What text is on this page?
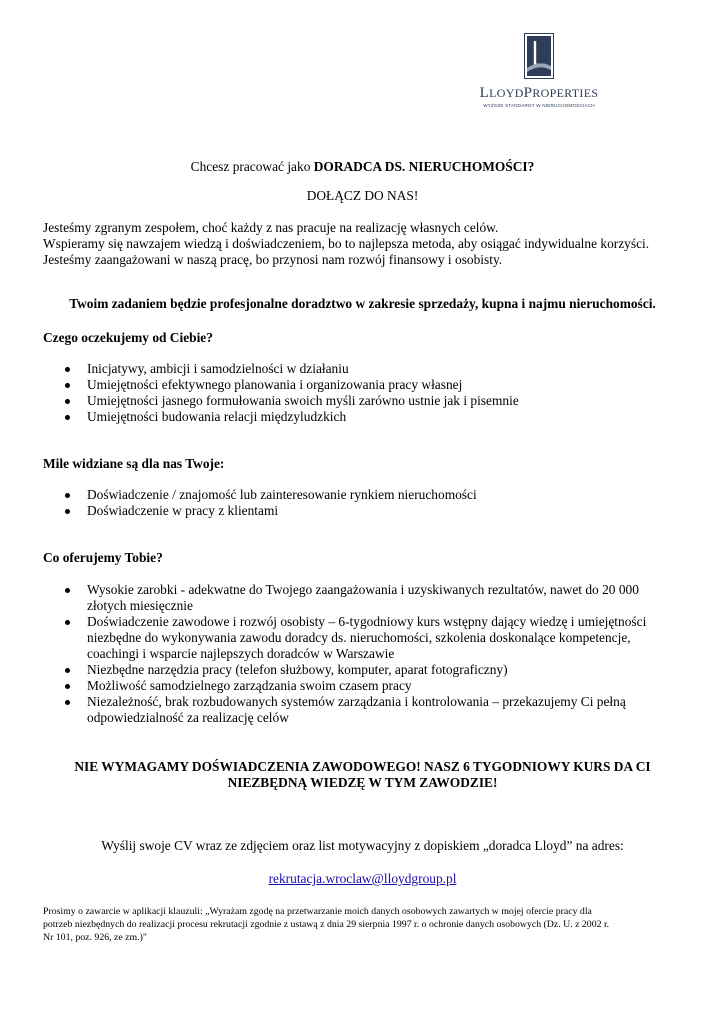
LLOYDPROPERTIES
WYŻSZE STANDARDY W NIERUCHOMOŚCIACH
Chcesz pracować jako DORADCA DS. NIERUCHOMOŚCI?
DOŁĄCZ DO NAS!
Jesteśmy zgranym zespołem, choć każdy z nas pracuje na realizację własnych celów.
Wspieramy się nawzajem wiedzą i doświadczeniem, bo to najlepsza metoda, aby osiągać indywidualne korzyści.
Jesteśmy zaangażowani w naszą pracę, bo przynosi nam rozwój finansowy i osobisty.
Twoim zadaniem będzie profesjonalne doradztwo w zakresie sprzedaży, kupna i najmu nieruchomości.
Czego oczekujemy od Ciebie?
Inicjatywy, ambicji i samodzielności w działaniu
Umiejętności efektywnego planowania i organizowania pracy własnej
Umiejętności jasnego formułowania swoich myśli zarówno ustnie jak i pisemnie
Umiejętności budowania relacji międzyludzkich
Mile widziane są dla nas Twoje:
Doświadczenie / znajomość lub zainteresowanie rynkiem nieruchomości
Doświadczenie w pracy z klientami
Co oferujemy Tobie?
Wysokie zarobki - adekwatne do Twojego zaangażowania i uzyskiwanych rezultatów, nawet do 20 000
złotych miesięcznie
Doświadczenie zawodowe i rozwój osobisty – 6-tygodniowy kurs wstępny dający wiedzę i umiejętności
niezbędne do wykonywania zawodu doradcy ds. nieruchomości, szkolenia doskonalące kompetencje,
coachingi i wsparcie najlepszych doradców w Warszawie
Niezbędne narzędzia pracy (telefon służbowy, komputer, aparat fotograficzny)
Możliwość samodzielnego zarządzania swoim czasem pracy
Niezależność, brak rozbudowanych systemów zarządzania i kontrolowania – przekazujemy Ci pełną
odpowiedzialność za realizację celów
NIE WYMAGAMY DOŚWIADCZENIA ZAWODOWEGO! NASZ 6 TYGODNIOWY KURS DA CI
NIEZBĘDNĄ WIEDZĘ W TYM ZAWODZIE!
Wyślij swoje CV wraz ze zdjęciem oraz list motywacyjny z dopiskiem „doradca Lloyd” na adres:
rekrutacja.wroclaw@lloydgroup.pl
Prosimy o zawarcie w aplikacji klauzuli: „Wyrażam zgodę na przetwarzanie moich danych osobowych zawartych w mojej ofercie pracy dla
potrzeb niezbędnych do realizacji procesu rekrutacji zgodnie z ustawą z dnia 29 sierpnia 1997 r. o ochronie danych osobowych (Dz. U. z 2002 r.
Nr 101, poz. 926, ze zm.)"
